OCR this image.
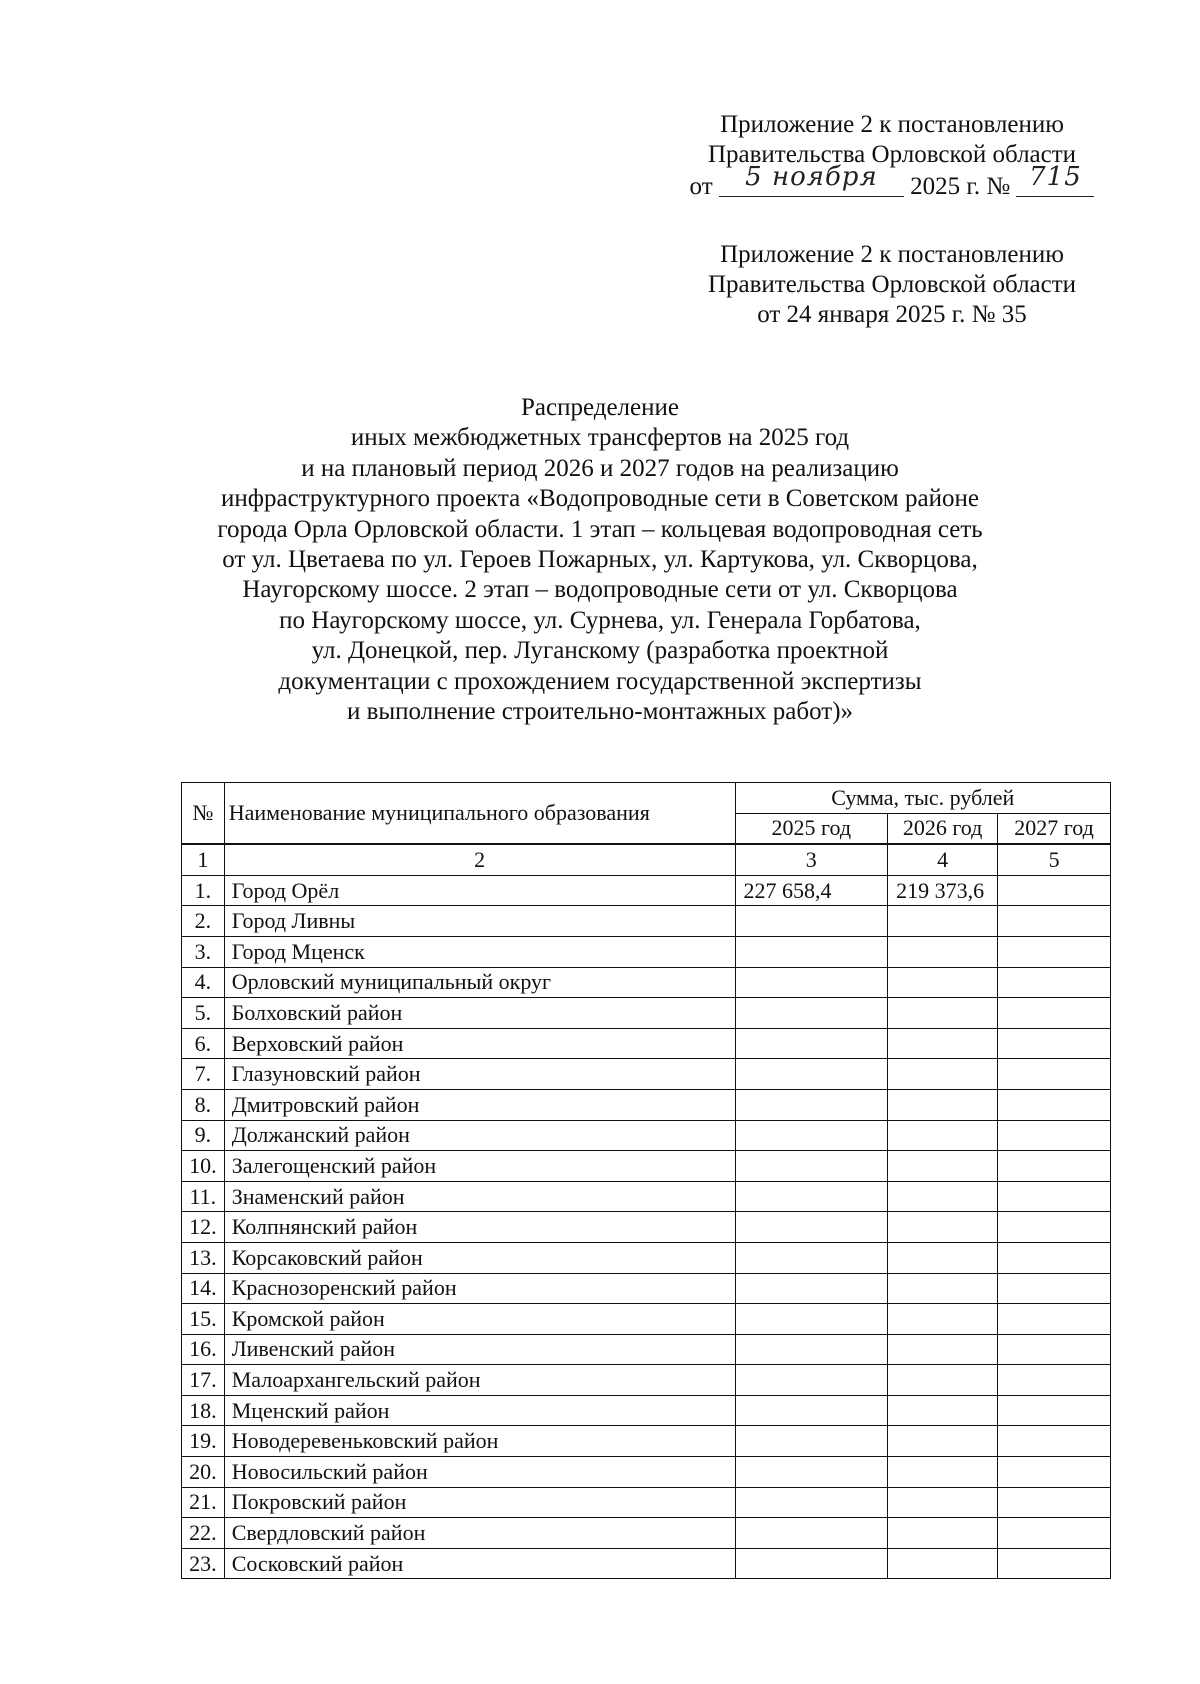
Приложение 2 к постановлению
Правительства Орловской области
от	5 ноября	2025 г. № 715
Приложение 2 к постановлению
Правительства Орловской области
от 24 января 2025 г. № 35
Распределение
иных межбюджетных трансфертов на 2025 год
и на плановый период 2026 и 2027 годов на реализацию
инфраструктурного проекта «Водопроводные сети в Советском районе
города Орла Орловской области. 1 этап – кольцевая водопроводная сеть
от ул. Цветаева по ул. Героев Пожарных, ул. Картукова, ул. Скворцова,
Наугорскому шоссе. 2 этап – водопроводные сети от ул. Скворцова
по Наугорскому шоссе, ул. Сурнева, ул. Генерала Горбатова,
ул. Донецкой, пер. Луганскому (разработка проектной
документации с прохождением государственной экспертизы
и выполнение строительно-монтажных работ)»
№	Наименование муниципального образования	Сумма, тыс. рублей		
		2025 год	2026 год	2027 год
1	2	3	4	5
1.	Город Орёл	227 658,4	219 373,6	
2.	Город Ливны			
3.	Город Мценск			
4.	Орловский муниципальный округ			
5.	Болховский район			
6.	Верховский район			
7.	Глазуновский район			
8.	Дмитровский район			
9.	Должанский район			
10.	Залегощенский район			
11.	Знаменский район			
12.	Колпнянский район			
13.	Корсаковский район			
14.	Краснозоренский район			
15.	Кромской район			
16.	Ливенский район			
17.	Малоархангельский район			
18.	Мценский район			
19.	Новодеревеньковский район			
20.	Новосильский район			
21.	Покровский район			
22.	Свердловский район			
23.	Сосковский район			
